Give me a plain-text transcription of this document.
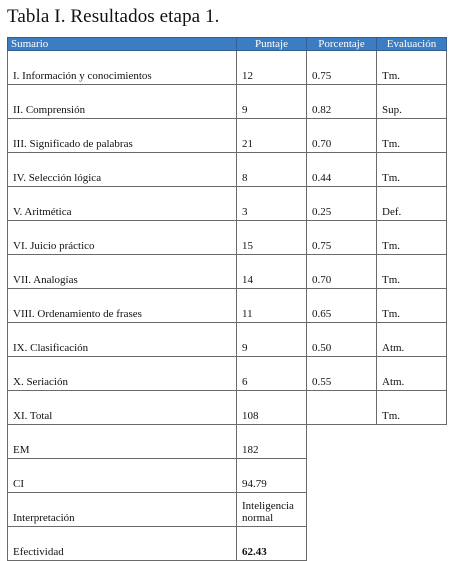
Tabla I. Resultados etapa 1.
Sumario	Puntaje	Porcentaje	Evaluación
I. Información y conocimientos	12	0.75	Tm.
II. Comprensión	9	0.82	Sup.
III. Significado de palabras	21	0.70	Tm.
IV. Selección lógica	8	0.44	Tm.
V. Aritmética	3	0.25	Def.
VI. Juicio práctico	15	0.75	Tm.
VII. Analogías	14	0.70	Tm.
VIII. Ordenamiento de frases	11	0.65	Tm.
IX. Clasificación	9	0.50	Atm.
X. Seriación	6	0.55	Atm.
XI. Total	108		Tm.
EM	182		
CI	94.79		
Interpretación	Inteligencia normal		
Efectividad	62.43		
